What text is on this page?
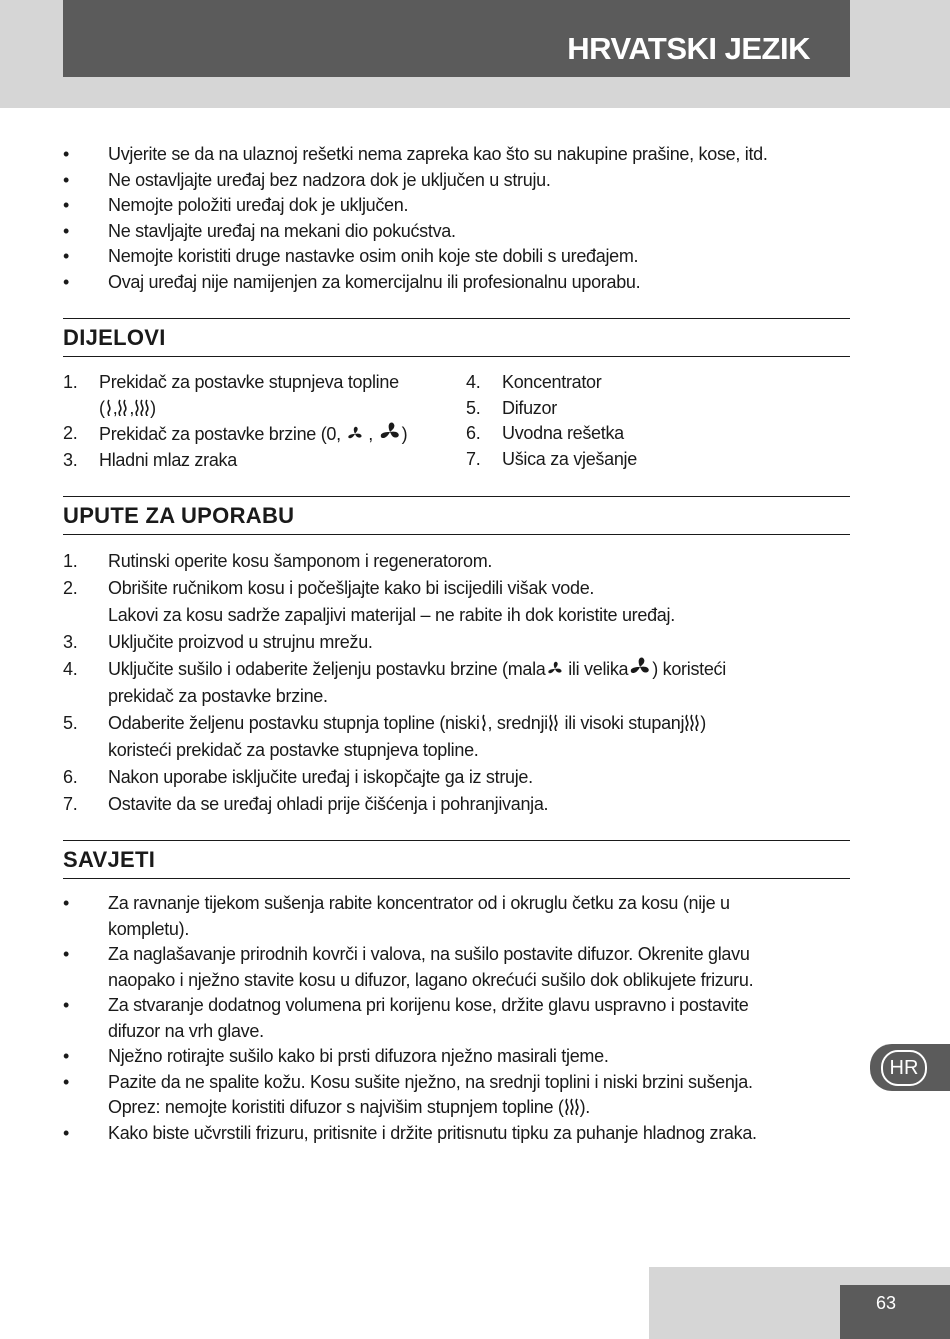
HRVATSKI JEZIK
• Uvjerite se da na ulaznoj rešetki nema zapreka kao što su nakupine prašine, kose, itd.
• Ne ostavljajte uređaj bez nadzora dok je uključen u struju.
• Nemojte položiti uređaj dok je uključen.
• Ne stavljajte uređaj na mekani dio pokućstva.
• Nemojte koristiti druge nastavke osim onih koje ste dobili s uređajem.
• Ovaj uređaj nije namijenjen za komercijalnu ili profesionalnu uporabu.
DIJELOVI
1. Prekidač za postavke stupnjeva topline
( , , )
2. Prekidač za postavke brzine (0,  , )
3. Hladni mlaz zraka
4. Koncentrator
5. Difuzor
6. Uvodna rešetka
7. Ušica za vješanje
UPUTE ZA UPORABU
1. Rutinski operite kosu šamponom i regeneratorom.
2. Obrišite ručnikom kosu i počešljajte kako bi iscijedili višak vode.
Lakovi za kosu sadrže zapaljivi materijal – ne rabite ih dok koristite uređaj.
3. Uključite proizvod u strujnu mrežu.
4. Uključite sušilo i odaberite željenju postavku brzine (mala ili velika ) koristeći
prekidač za postavke brzine.
5. Odaberite željenu postavku stupnja topline (niski , srednji ili visoki stupanj )
koristeći prekidač za postavke stupnjeva topline.
6. Nakon uporabe isključite uređaj i iskopčajte ga iz struje.
7. Ostavite da se uređaj ohladi prije čišćenja i pohranjivanja.
SAVJETI
• Za ravnanje tijekom sušenja rabite koncentrator od i okruglu četku za kosu (nije u
kompletu).
• Za naglašavanje prirodnih kovrči i valova, na sušilo postavite difuzor. Okrenite glavu
naopako i nježno stavite kosu u difuzor, lagano okrećući sušilo dok oblikujete frizuru.
• Za stvaranje dodatnog volumena pri korijenu kose, držite glavu uspravno i postavite
difuzor na vrh glave.
• Nježno rotirajte sušilo kako bi prsti difuzora nježno masirali tjeme.
• Pazite da ne spalite kožu. Kosu sušite nježno, na srednji toplini i niski brzini sušenja.
Oprez: nemojte koristiti difuzor s najvišim stupnjem topline ( ).
• Kako biste učvrstili frizuru, pritisnite i držite pritisnutu tipku za puhanje hladnog zraka.
HR
63
